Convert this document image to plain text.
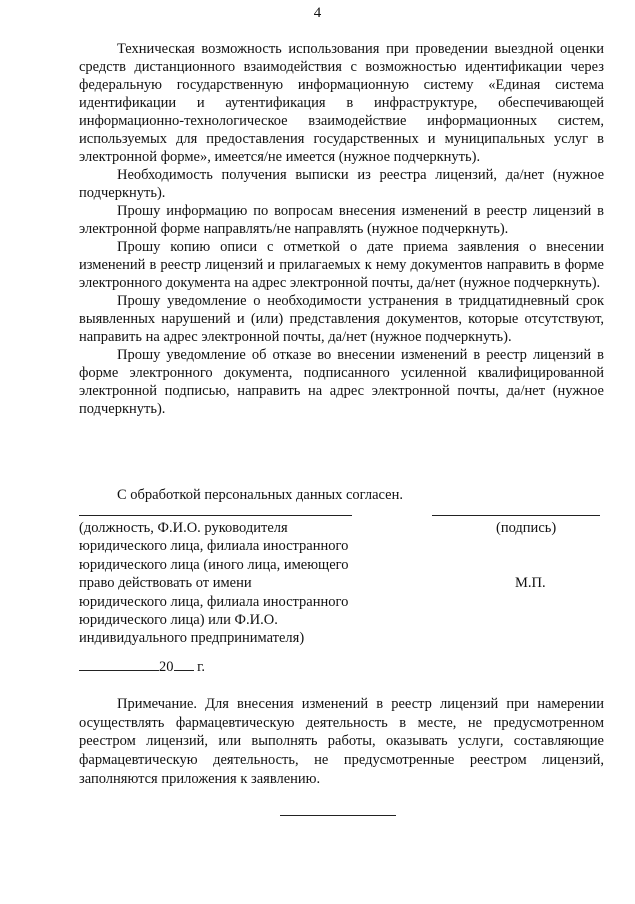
4

Техническая возможность использования при проведении выездной оценки средств дистанционного взаимодействия с возможностью идентификации через федеральную государственную информационную систему «Единая система идентификации и аутентификация в инфраструктуре, обеспечивающей информационно-технологическое взаимодействие информационных систем, используемых для предоставления государственных и муниципальных услуг в электронной форме», имеется/не имеется (нужное подчеркнуть).

Необходимость получения выписки из реестра лицензий, да/нет (нужное подчеркнуть).

Прошу информацию по вопросам внесения изменений в реестр лицензий в электронной форме направлять/не направлять (нужное подчеркнуть).

Прошу копию описи с отметкой о дате приема заявления о внесении изменений в реестр лицензий и прилагаемых к нему документов направить в форме электронного документа на адрес электронной почты, да/нет (нужное подчеркнуть).

Прошу уведомление о необходимости устранения в тридцатидневный срок выявленных нарушений и (или) представления документов, которые отсутствуют, направить на адрес электронной почты, да/нет (нужное подчеркнуть).

Прошу уведомление об отказе во внесении изменений в реестр лицензий в форме электронного документа, подписанного усиленной квалифицированной электронной подписью, направить на адрес электронной почты, да/нет (нужное подчеркнуть).

С обработкой персональных данных согласен.

(должность, Ф.И.О. руководителя

юридического лица, филиала иностранного

юридического лица (иного лица, имеющего

право действовать от имени

юридического лица, филиала иностранного

юридического лица) или Ф.И.О.

индивидуального предпринимателя)

(подпись)
М.П.
20 г.

Примечание. Для внесения изменений в реестр лицензий при намерении осуществлять фармацевтическую деятельность в месте, не предусмотренном реестром лицензий, или выполнять работы, оказывать услуги, составляющие фармацевтическую деятельность, не предусмотренные реестром лицензий, заполняются приложения к заявлению.
